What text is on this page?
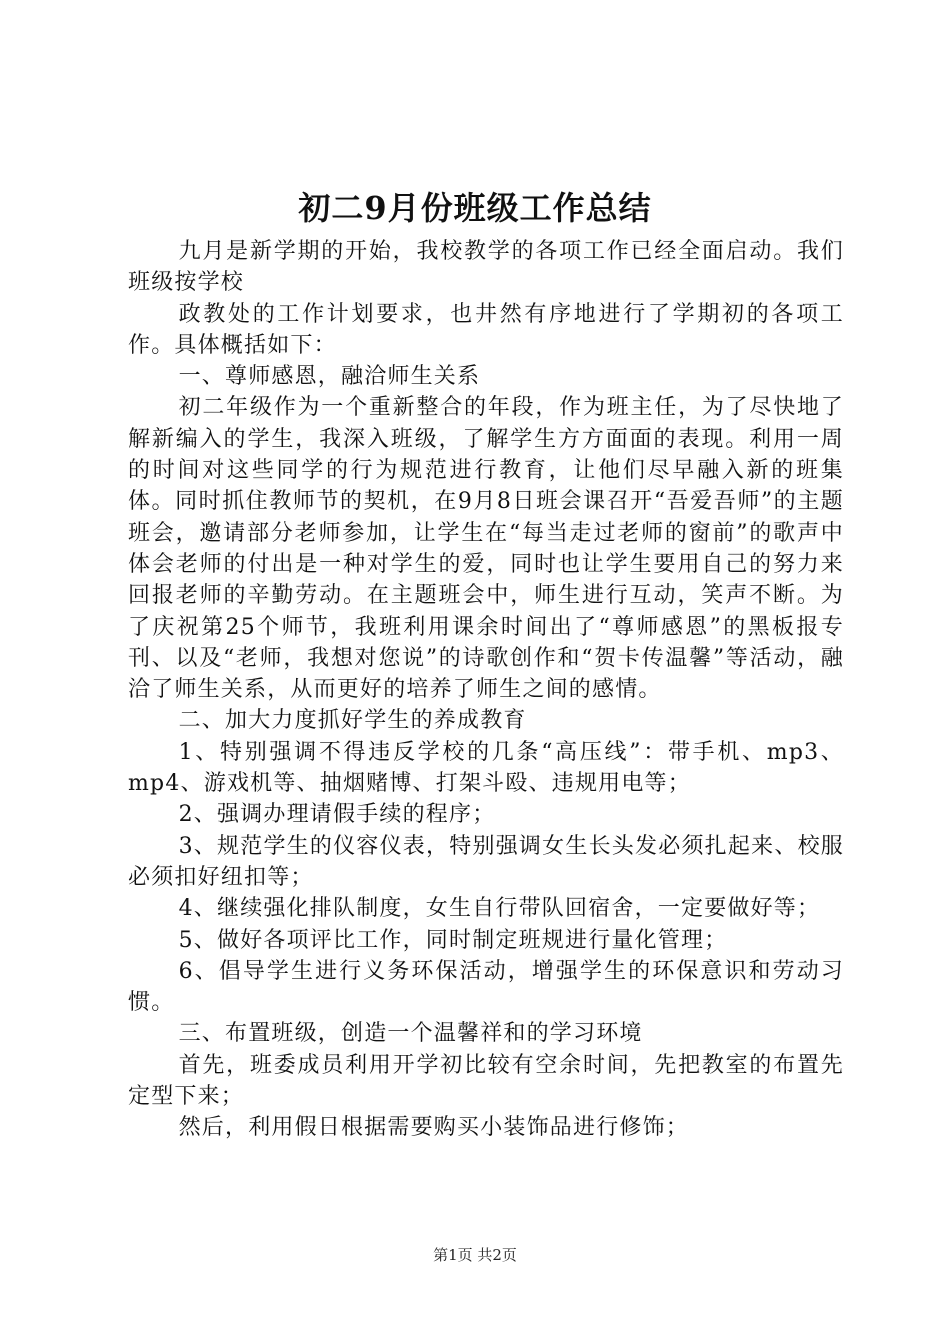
初二9月份班级工作总结

九月是新学期的开始，我校教学的各项工作已经全面启动。我们班级按学校

政教处的工作计划要求，也井然有序地进行了学期初的各项工作。具体概括如下：

一、尊师感恩，融洽师生关系

初二年级作为一个重新整合的年段，作为班主任，为了尽快地了解新编入的学生，我深入班级，了解学生方方面面的表现。利用一周的时间对这些同学的行为规范进行教育，让他们尽早融入新的班集体。同时抓住教师节的契机，在9月8日班会课召开“吾爱吾师”的主题班会，邀请部分老师参加，让学生在“每当走过老师的窗前”的歌声中体会老师的付出是一种对学生的爱，同时也让学生要用自己的努力来回报老师的辛勤劳动。在主题班会中，师生进行互动，笑声不断。为了庆祝第25个师节，我班利用课余时间出了“尊师感恩”的黑板报专刊、以及“老师，我想对您说”的诗歌创作和“贺卡传温馨”等活动，融洽了师生关系，从而更好的培养了师生之间的感情。

二、加大力度抓好学生的养成教育

1、特别强调不得违反学校的几条“高压线”：带手机、mp3、mp4、游戏机等、抽烟赌博、打架斗殴、违规用电等；

2、强调办理请假手续的程序；

3、规范学生的仪容仪表，特别强调女生长头发必须扎起来、校服必须扣好纽扣等；

4、继续强化排队制度，女生自行带队回宿舍，一定要做好等；

5、做好各项评比工作，同时制定班规进行量化管理；

6、倡导学生进行义务环保活动，增强学生的环保意识和劳动习惯。

三、布置班级，创造一个温馨祥和的学习环境

首先，班委成员利用开学初比较有空余时间，先把教室的布置先定型下来；

然后，利用假日根据需要购买小装饰品进行修饰；

第1页 共2页
